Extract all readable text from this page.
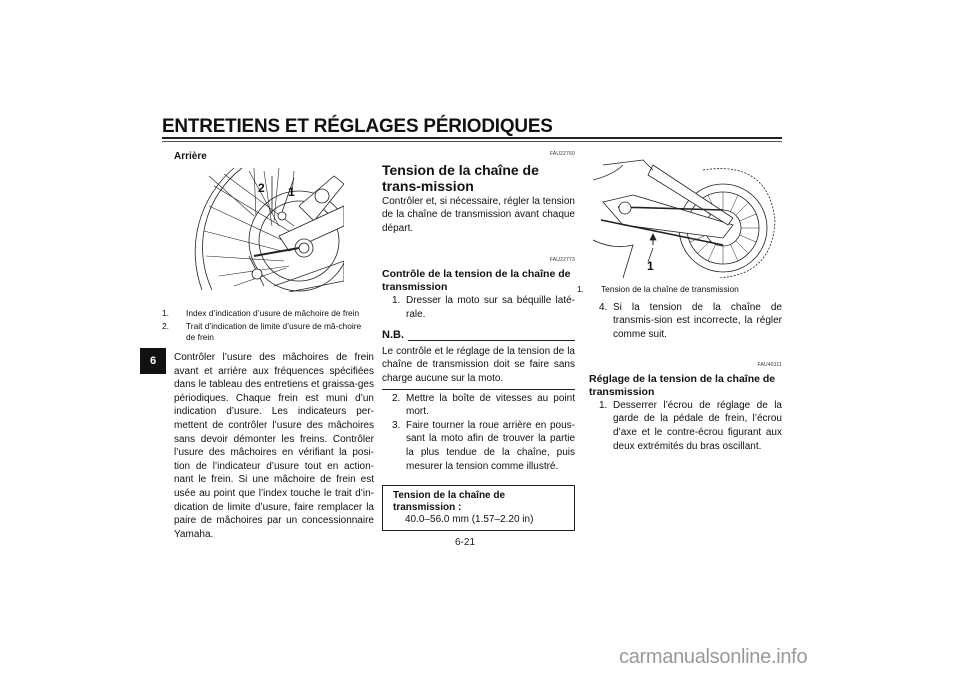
ENTRETIENS ET RÉGLAGES PÉRIODIQUES
6
Arrière
2 1
1. Index d’indication d’usure de mâchoire de frein
2. Trait d’indication de limite d’usure de mâ-choire de frein
Contrôler l’usure des mâchoires de frein avant et arrière aux fréquences spécifiées dans le tableau des entretiens et graissa-ges périodiques. Chaque frein est muni d’un indication d’usure. Les indicateurs per-mettent de contrôler l’usure des mâchoires sans devoir démonter les freins. Contrôler l’usure des mâchoires en vérifiant la posi-tion de l’indicateur d’usure tout en action-nant le frein. Si une mâchoire de frein est usée au point que l’index touche le trait d’in-dication de limite d’usure, faire remplacer la paire de mâchoires par un concessionnaire Yamaha.
FAU22760
Tension de la chaîne de trans-mission
Contrôler et, si nécessaire, régler la tension de la chaîne de transmission avant chaque départ.
FAU22773
Contrôle de la tension de la chaîne de transmission
1. Dresser la moto sur sa béquille laté-rale.
N.B.
Le contrôle et le réglage de la tension de la chaîne de transmission doit se faire sans charge aucune sur la moto.
2. Mettre la boîte de vitesses au point mort.
3. Faire tourner la roue arrière en pous-sant la moto afin de trouver la partie la plus tendue de la chaîne, puis mesurer la tension comme illustré.
Tension de la chaîne de transmission :
40.0–56.0 mm (1.57–2.20 in)
1
1. Tension de la chaîne de transmission
4. Si la tension de la chaîne de transmis-sion est incorrecte, la régler comme suit.
FAU40111
Réglage de la tension de la chaîne de transmission
1. Desserrer l’écrou de réglage de la garde de la pédale de frein, l’écrou d’axe et le contre-écrou figurant aux deux extrémités du bras oscillant.
6-21
carmanualsonline.info
